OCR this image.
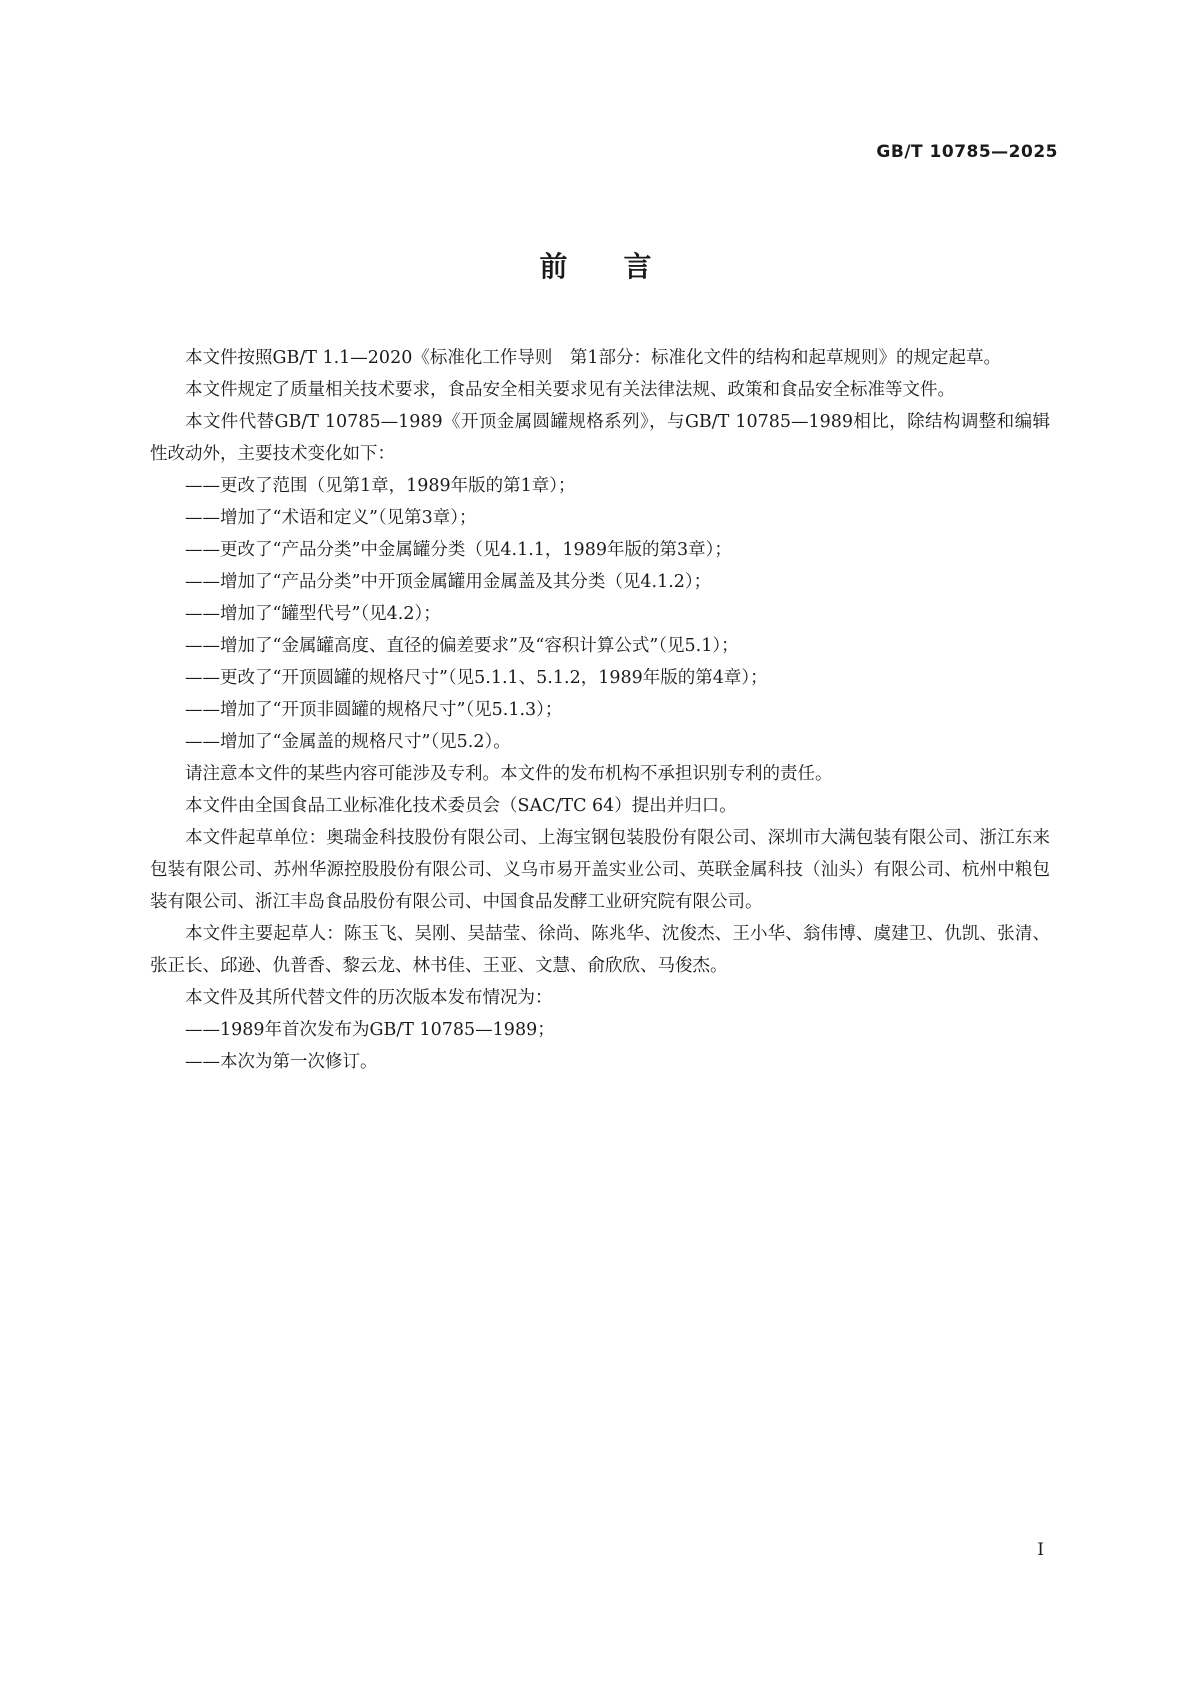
GB/T 10785—2025
前言

本文件按照GB/T 1.1—2020《标准化工作导则　第1部分：标准化文件的结构和起草规则》的规定起草。

本文件规定了质量相关技术要求，食品安全相关要求见有关法律法规、政策和食品安全标准等文件。

本文件代替GB/T 10785—1989《开顶金属圆罐规格系列》，与GB/T 10785—1989相比，除结构调整和编辑性改动外，主要技术变化如下：

——更改了范围（见第1章，1989年版的第1章）；

——增加了“术语和定义”（见第3章）；

——更改了“产品分类”中金属罐分类（见4.1.1，1989年版的第3章）；

——增加了“产品分类”中开顶金属罐用金属盖及其分类（见4.1.2）；

——增加了“罐型代号”（见4.2）；

——增加了“金属罐高度、直径的偏差要求”及“容积计算公式”（见5.1）；

——更改了“开顶圆罐的规格尺寸”（见5.1.1、5.1.2，1989年版的第4章）；

——增加了“开顶非圆罐的规格尺寸”（见5.1.3）；

——增加了“金属盖的规格尺寸”（见5.2）。

请注意本文件的某些内容可能涉及专利。本文件的发布机构不承担识别专利的责任。

本文件由全国食品工业标准化技术委员会（SAC/TC 64）提出并归口。

本文件起草单位：奥瑞金科技股份有限公司、上海宝钢包装股份有限公司、深圳市大满包装有限公司、浙江东来包装有限公司、苏州华源控股股份有限公司、义乌市易开盖实业公司、英联金属科技（汕头）有限公司、杭州中粮包装有限公司、浙江丰岛食品股份有限公司、中国食品发酵工业研究院有限公司。

本文件主要起草人：陈玉飞、吴刚、吴喆莹、徐尚、陈兆华、沈俊杰、王小华、翁伟博、虞建卫、仇凯、张清、张正长、邱逊、仇普香、黎云龙、林书佳、王亚、文慧、俞欣欣、马俊杰。

本文件及其所代替文件的历次版本发布情况为：

——1989年首次发布为GB/T 10785—1989；

——本次为第一次修订。

I
